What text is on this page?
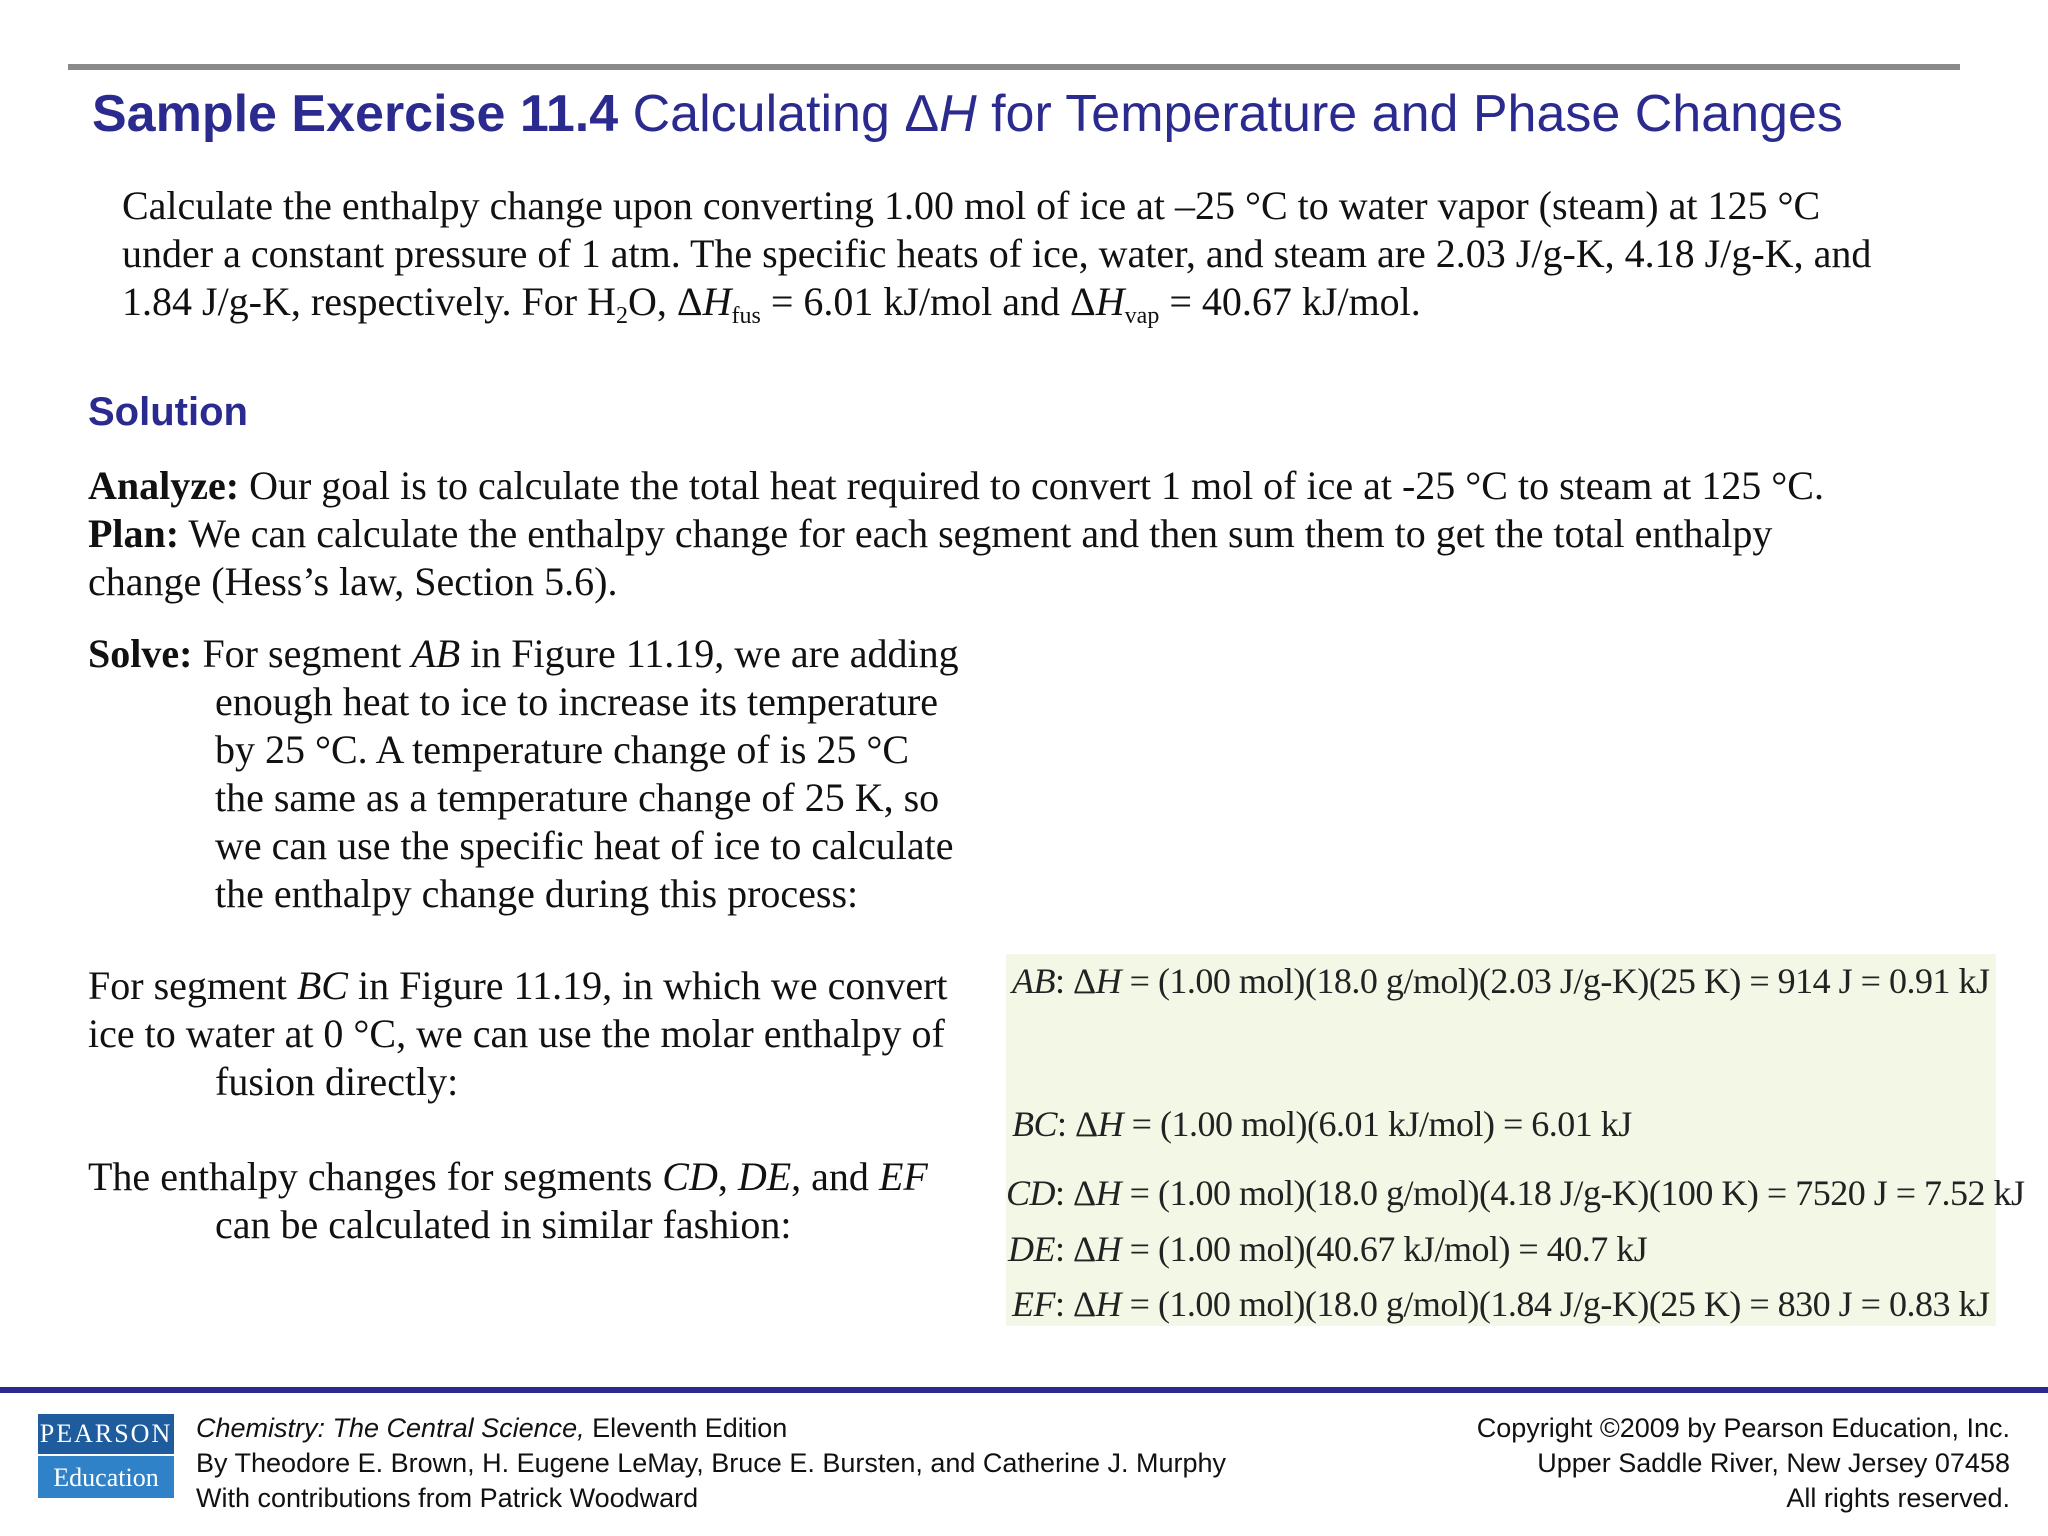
Sample Exercise 11.4 Calculating ΔH for Temperature and Phase Changes
Calculate the enthalpy change upon converting 1.00 mol of ice at –25 °C to water vapor (steam) at 125 °C
under a constant pressure of 1 atm. The specific heats of ice, water, and steam are 2.03 J/g-K, 4.18 J/g-K, and
1.84 J/g-K, respectively. For $H_2O$, $\Delta H_{fus} = 6.01$ kJ/mol and $\Delta H_{vap} = 40.67$ kJ/mol.
Solution
Analyze: Our goal is to calculate the total heat required to convert 1 mol of ice at -25 °C to steam at 125 °C.
Plan: We can calculate the enthalpy change for each segment and then sum them to get the total enthalpy
change (Hess’s law, Section 5.6).
Solve: For segment AB in Figure 11.19, we are adding
enough heat to ice to increase its temperature
by 25 °C. A temperature change of is 25 °C
the same as a temperature change of 25 K, so
we can use the specific heat of ice to calculate
the enthalpy change during this process:
For segment BC in Figure 11.19, in which we convert
ice to water at 0 °C, we can use the molar enthalpy of
fusion directly:
The enthalpy changes for segments CD, DE, and EF
can be calculated in similar fashion:
AB: ΔH = (1.00 mol)(18.0 g/mol)(2.03 J/g-K)(25 K) = 914 J = 0.91 kJ
BC: ΔH = (1.00 mol)(6.01 kJ/mol) = 6.01 kJ
CD: ΔH = (1.00 mol)(18.0 g/mol)(4.18 J/g-K)(100 K) = 7520 J = 7.52 kJ
DE: ΔH = (1.00 mol)(40.67 kJ/mol) = 40.7 kJ
EF: ΔH = (1.00 mol)(18.0 g/mol)(1.84 J/g-K)(25 K) = 830 J = 0.83 kJ
PEARSON
Education
Chemistry: The Central Science, Eleventh Edition
By Theodore E. Brown, H. Eugene LeMay, Bruce E. Bursten, and Catherine J. Murphy
With contributions from Patrick Woodward
Copyright ©2009 by Pearson Education, Inc.
Upper Saddle River, New Jersey 07458
All rights reserved.
